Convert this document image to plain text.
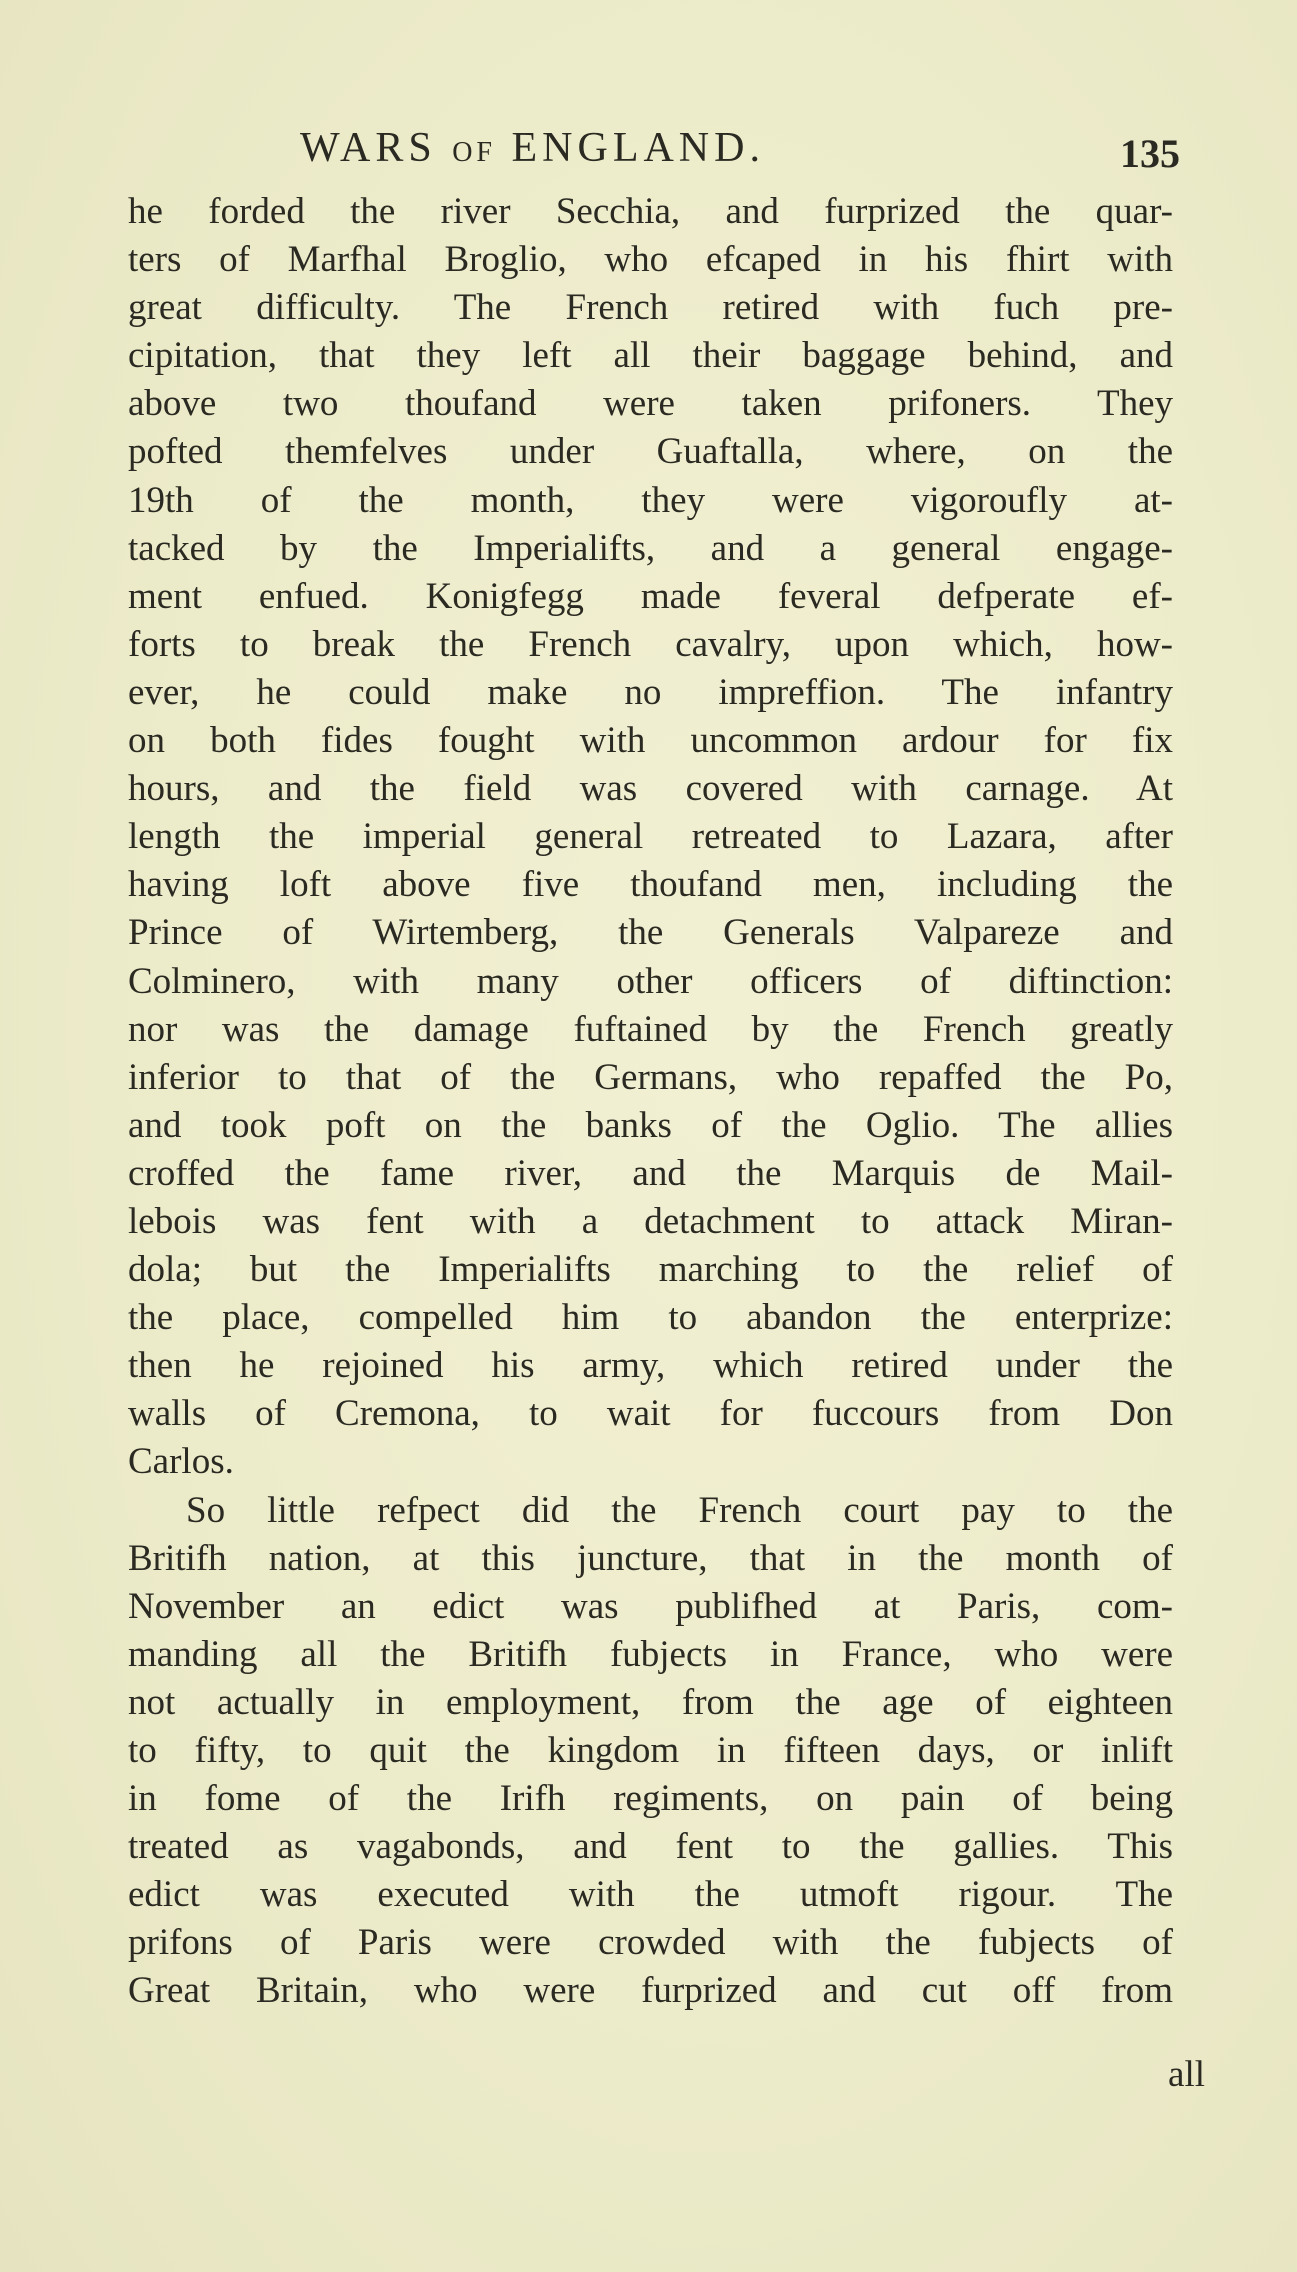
WARS OF ENGLAND.	135
he forded the river Secchia, and furprized the quar-
ters of Marfhal Broglio, who efcaped in his fhirt with
great difficulty. The French retired with fuch pre-
cipitation, that they left all their baggage behind, and
above two thoufand were taken prifoners. They
pofted themfelves under Guaftalla, where, on the
19th of the month, they were vigoroufly at-
tacked by the Imperialifts, and a general engage-
ment enfued. Konigfegg made feveral defperate ef-
forts to break the French cavalry, upon which, how-
ever, he could make no impreffion. The infantry
on both fides fought with uncommon ardour for fix
hours, and the field was covered with carnage. At
length the imperial general retreated to Lazara, after
having loft above five thoufand men, including the
Prince of Wirtemberg, the Generals Valpareze and
Colminero, with many other officers of diftinction:
nor was the damage fuftained by the French greatly
inferior to that of the Germans, who repaffed the Po,
and took poft on the banks of the Oglio. The allies
croffed the fame river, and the Marquis de Mail-
lebois was fent with a detachment to attack Miran-
dola; but the Imperialifts marching to the relief of
the place, compelled him to abandon the enterprize:
then he rejoined his army, which retired under the
walls of Cremona, to wait for fuccours from Don
Carlos.
So little refpect did the French court pay to the
Britifh nation, at this juncture, that in the month of
November an edict was publifhed at Paris, com-
manding all the Britifh fubjects in France, who were
not actually in employment, from the age of eighteen
to fifty, to quit the kingdom in fifteen days, or inlift
in fome of the Irifh regiments, on pain of being
treated as vagabonds, and fent to the gallies. This
edict was executed with the utmoft rigour. The
prifons of Paris were crowded with the fubjects of
Great Britain, who were furprized and cut off from
all
